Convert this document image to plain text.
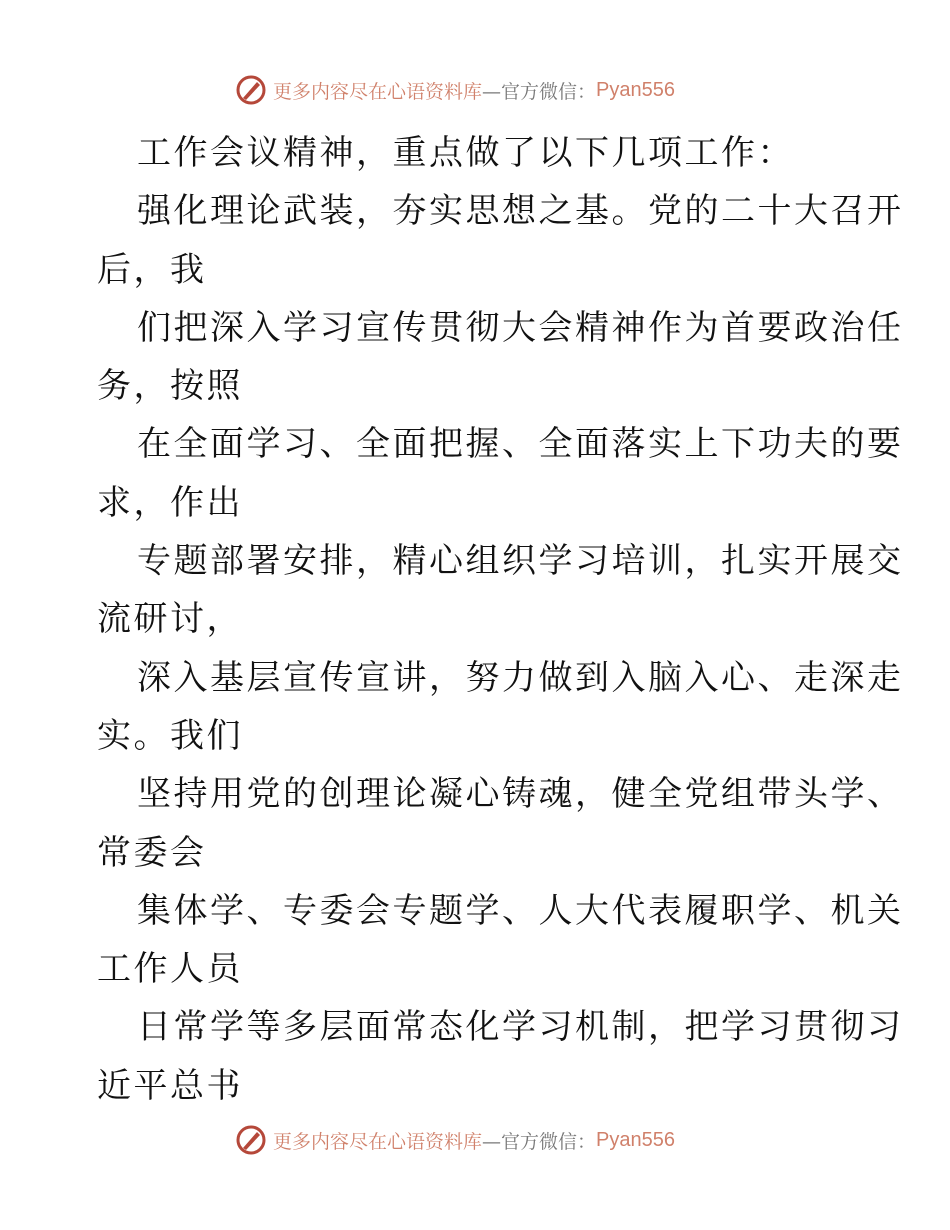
更多内容尽在心语资料库 —官方微信： Pyan556
工作会议精神，重点做了以下几项工作：
强化理论武装，夯实思想之基。党的二十大召开
后，我
们把深入学习宣传贯彻大会精神作为首要政治任
务，按照
在全面学习、全面把握、全面落实上下功夫的要
求，作出
专题部署安排，精心组织学习培训，扎实开展交
流研讨，
深入基层宣传宣讲，努力做到入脑入心、走深走
实。我们
坚持用党的创理论凝心铸魂，健全党组带头学、
常委会
集体学、专委会专题学、人大代表履职学、机关
工作人员
日常学等多层面常态化学习机制，把学习贯彻习
近平总书
更多内容尽在心语资料库 —官方微信： Pyan556
